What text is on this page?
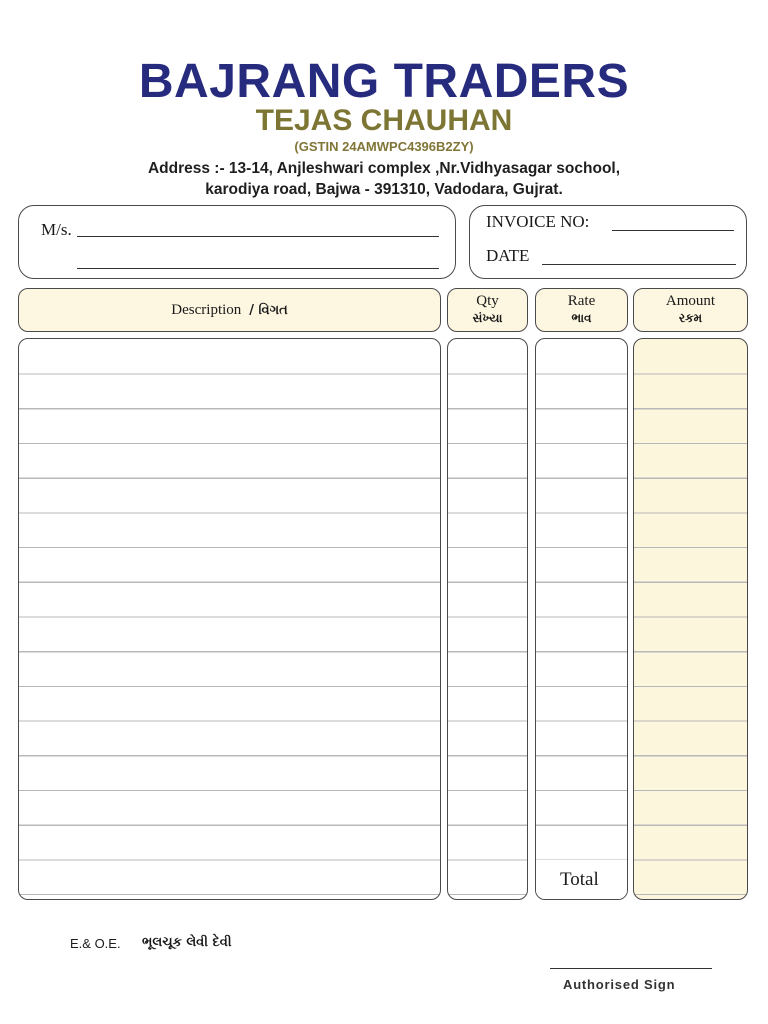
BAJRANG TRADERS
TEJAS CHAUHAN
(GSTIN 24AMWPC4396B2ZY)
Address :- 13-14, Anjleshwari complex ,Nr.Vidhyasagar sochool,
karodiya road, Bajwa - 391310, Vadodara, Gujrat.
M/s.	INVOICE NO:
DATE
Description / વિગત
Qty
સંખ્યા
Rate
ભાવ
Amount
રકમ
Total
E.& O.E. ભૂલચૂક લેવી દેવી
Authorised Sign
